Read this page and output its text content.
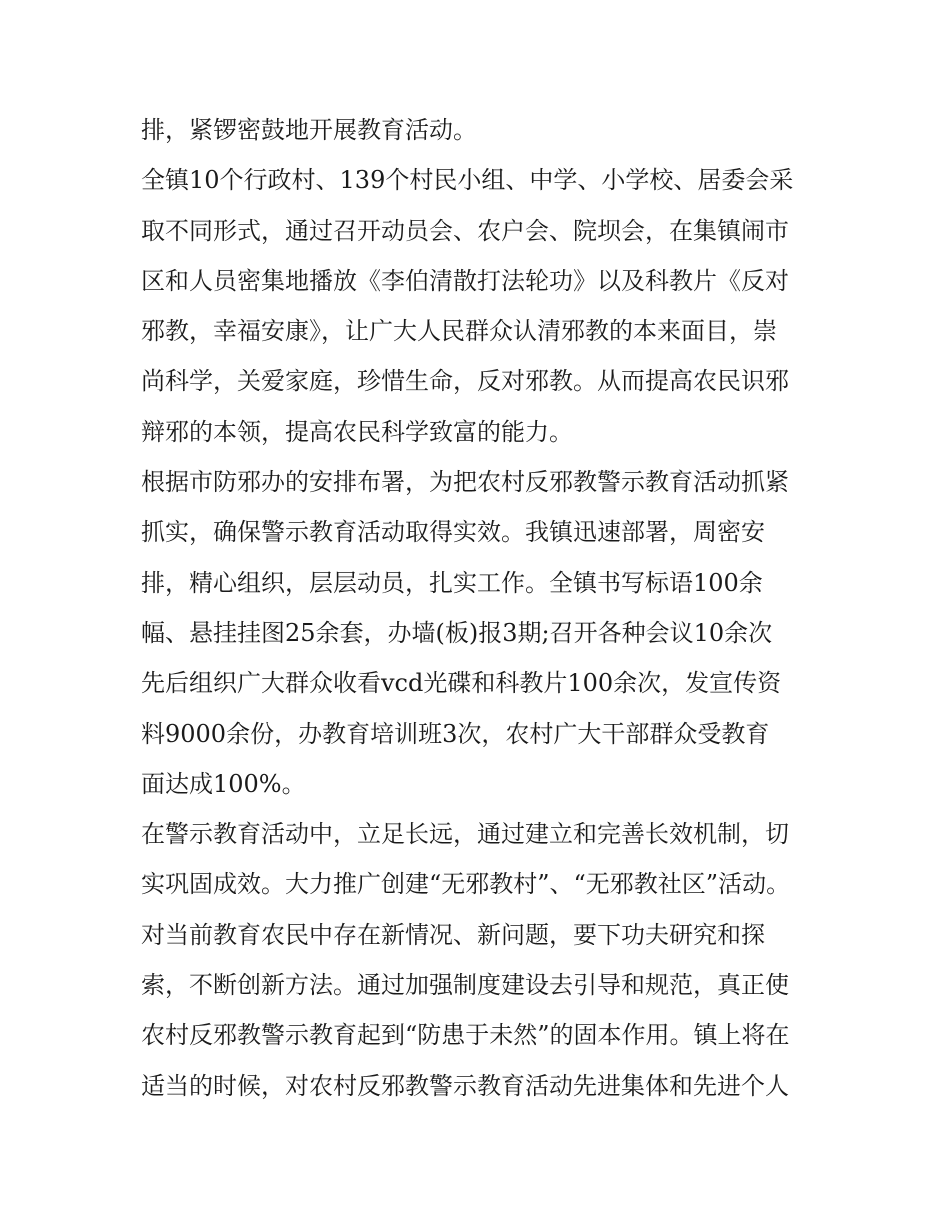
排，紧锣密鼓地开展教育活动。
全镇10个行政村、139个村民小组、中学、小学校、居委会采
取不同形式，通过召开动员会、农户会、院坝会，在集镇闹市
区和人员密集地播放《李伯清散打法轮功》以及科教片《反对
邪教，幸福安康》，让广大人民群众认清邪教的本来面目，崇
尚科学，关爱家庭，珍惜生命，反对邪教。从而提高农民识邪
辩邪的本领，提高农民科学致富的能力。
根据市防邪办的安排布署，为把农村反邪教警示教育活动抓紧
抓实，确保警示教育活动取得实效。我镇迅速部署，周密安
排，精心组织，层层动员，扎实工作。全镇书写标语100余
幅、悬挂挂图25余套，办墙(板)报3期;召开各种会议10余次
先后组织广大群众收看vcd光碟和科教片100余次，发宣传资
料9000余份，办教育培训班3次，农村广大干部群众受教育
面达成100%。
在警示教育活动中，立足长远，通过建立和完善长效机制，切
实巩固成效。大力推广创建“无邪教村”、“无邪教社区”活动。
对当前教育农民中存在新情况、新问题，要下功夫研究和探
索，不断创新方法。通过加强制度建设去引导和规范，真正使
农村反邪教警示教育起到“防患于未然”的固本作用。镇上将在
适当的时候，对农村反邪教警示教育活动先进集体和先进个人
